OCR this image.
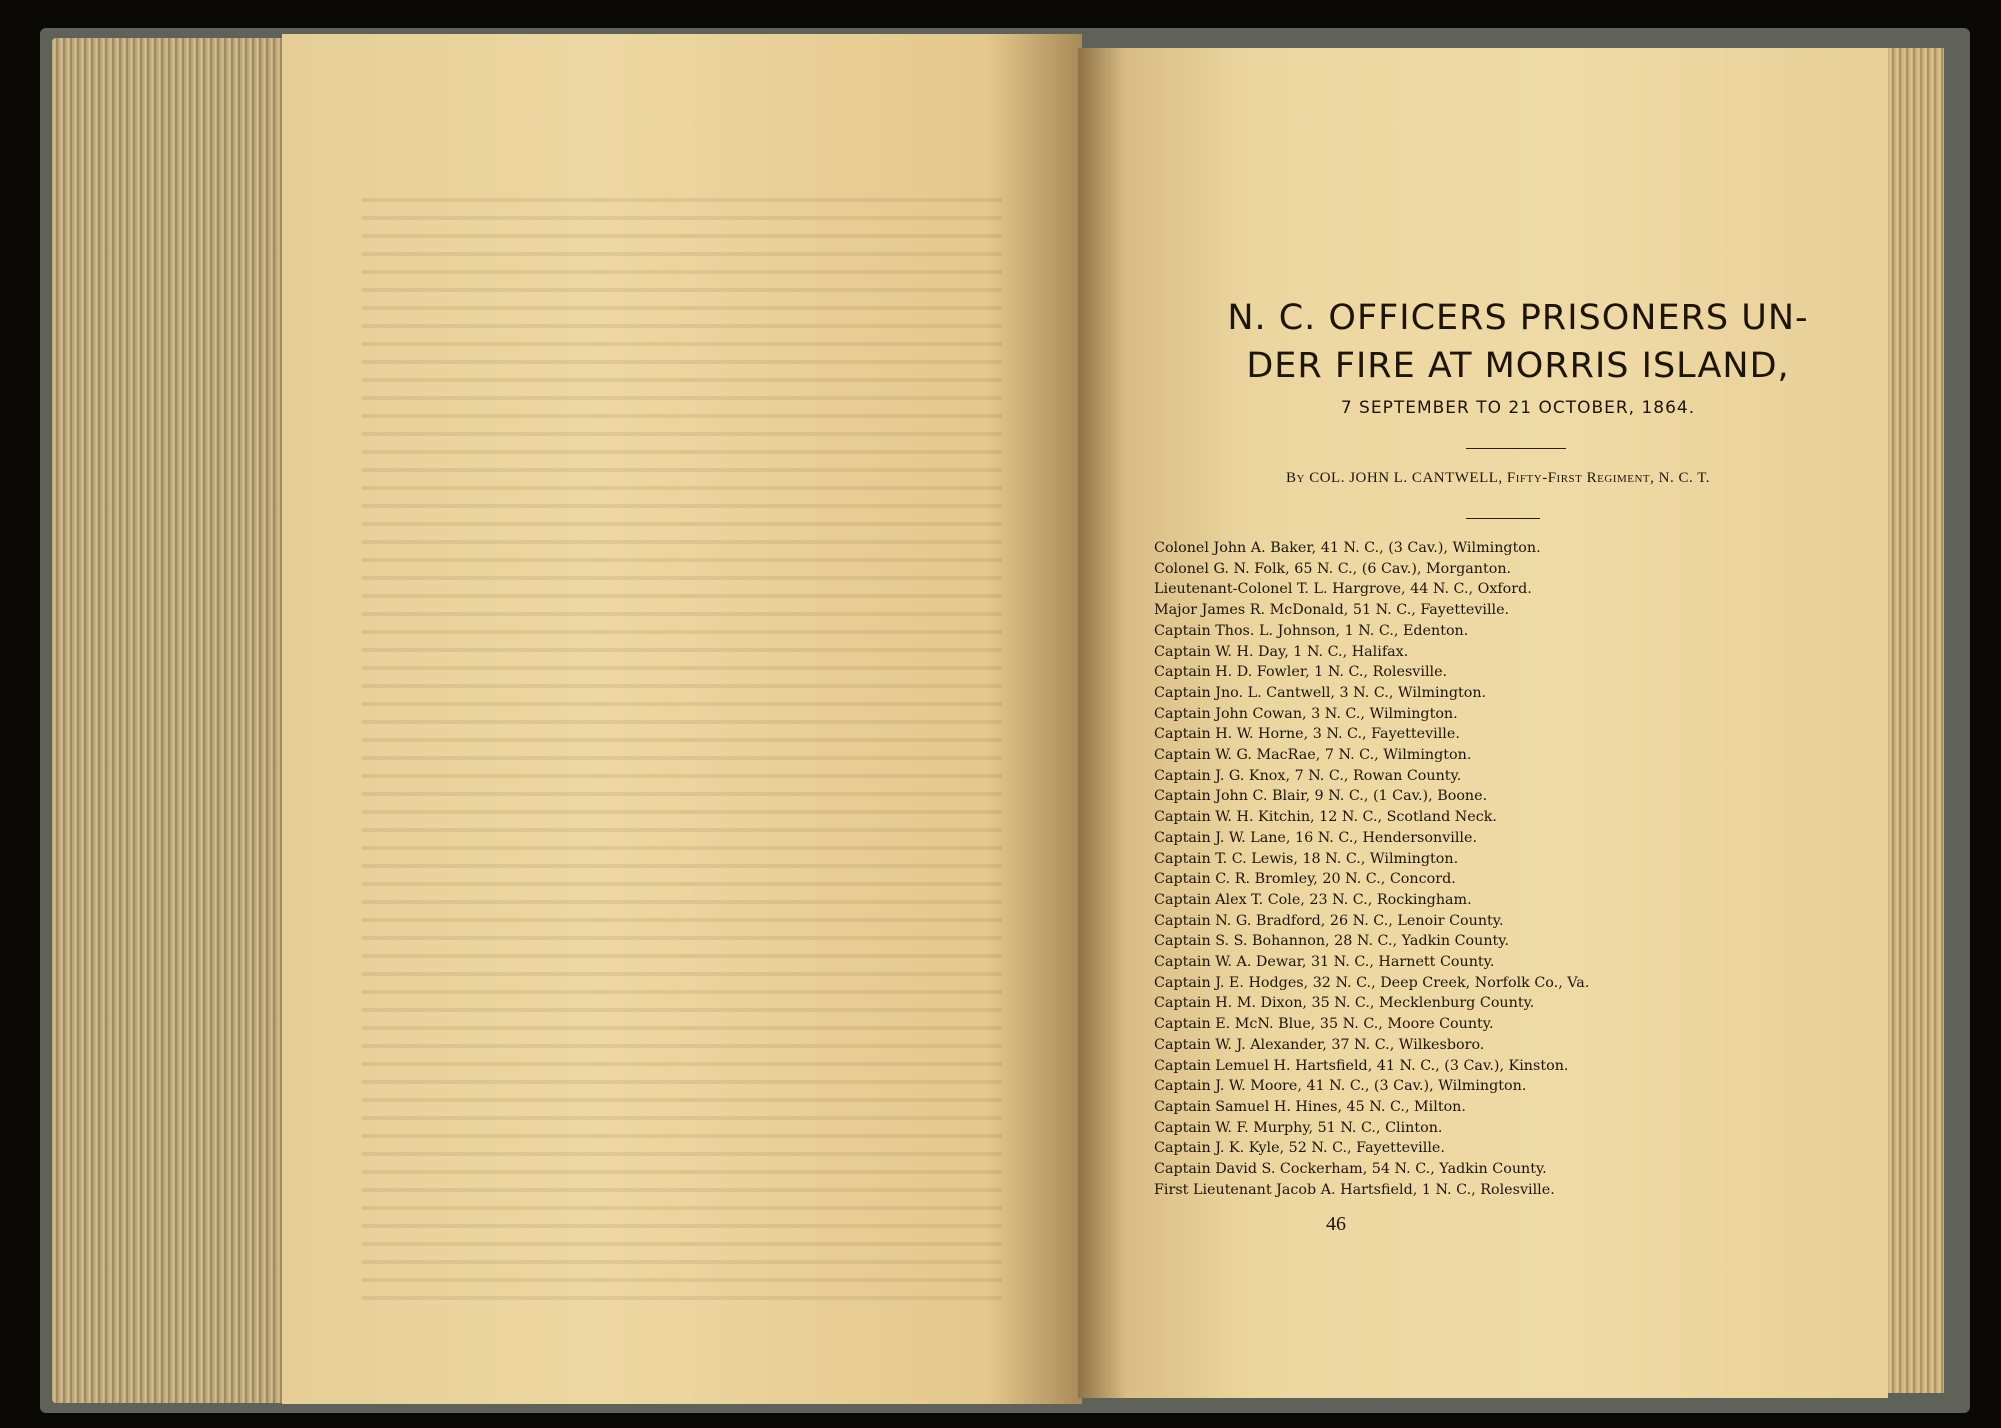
N. C. OFFICERS PRISONERS UN-
DER FIRE AT MORRIS ISLAND,

7 SEPTEMBER TO 21 OCTOBER, 1864.

By COL. JOHN L. CANTWELL, Fifty-First Regiment, N. C. T.

Colonel John A. Baker, 41 N. C., (3 Cav.), Wilmington.
Colonel G. N. Folk, 65 N. C., (6 Cav.), Morganton.
Lieutenant-Colonel T. L. Hargrove, 44 N. C., Oxford.
Major James R. McDonald, 51 N. C., Fayetteville.
Captain Thos. L. Johnson, 1 N. C., Edenton.
Captain W. H. Day, 1 N. C., Halifax.
Captain H. D. Fowler, 1 N. C., Rolesville.
Captain Jno. L. Cantwell, 3 N. C., Wilmington.
Captain John Cowan, 3 N. C., Wilmington.
Captain H. W. Horne, 3 N. C., Fayetteville.
Captain W. G. MacRae, 7 N. C., Wilmington.
Captain J. G. Knox, 7 N. C., Rowan County.
Captain John C. Blair, 9 N. C., (1 Cav.), Boone.
Captain W. H. Kitchin, 12 N. C., Scotland Neck.
Captain J. W. Lane, 16 N. C., Hendersonville.
Captain T. C. Lewis, 18 N. C., Wilmington.
Captain C. R. Bromley, 20 N. C., Concord.
Captain Alex T. Cole, 23 N. C., Rockingham.
Captain N. G. Bradford, 26 N. C., Lenoir County.
Captain S. S. Bohannon, 28 N. C., Yadkin County.
Captain W. A. Dewar, 31 N. C., Harnett County.
Captain J. E. Hodges, 32 N. C., Deep Creek, Norfolk Co., Va.
Captain H. M. Dixon, 35 N. C., Mecklenburg County.
Captain E. McN. Blue, 35 N. C., Moore County.
Captain W. J. Alexander, 37 N. C., Wilkesboro.
Captain Lemuel H. Hartsfield, 41 N. C., (3 Cav.), Kinston.
Captain J. W. Moore, 41 N. C., (3 Cav.), Wilmington.
Captain Samuel H. Hines, 45 N. C., Milton.
Captain W. F. Murphy, 51 N. C., Clinton.
Captain J. K. Kyle, 52 N. C., Fayetteville.
Captain David S. Cockerham, 54 N. C., Yadkin County.
First Lieutenant Jacob A. Hartsfield, 1 N. C., Rolesville.
46
